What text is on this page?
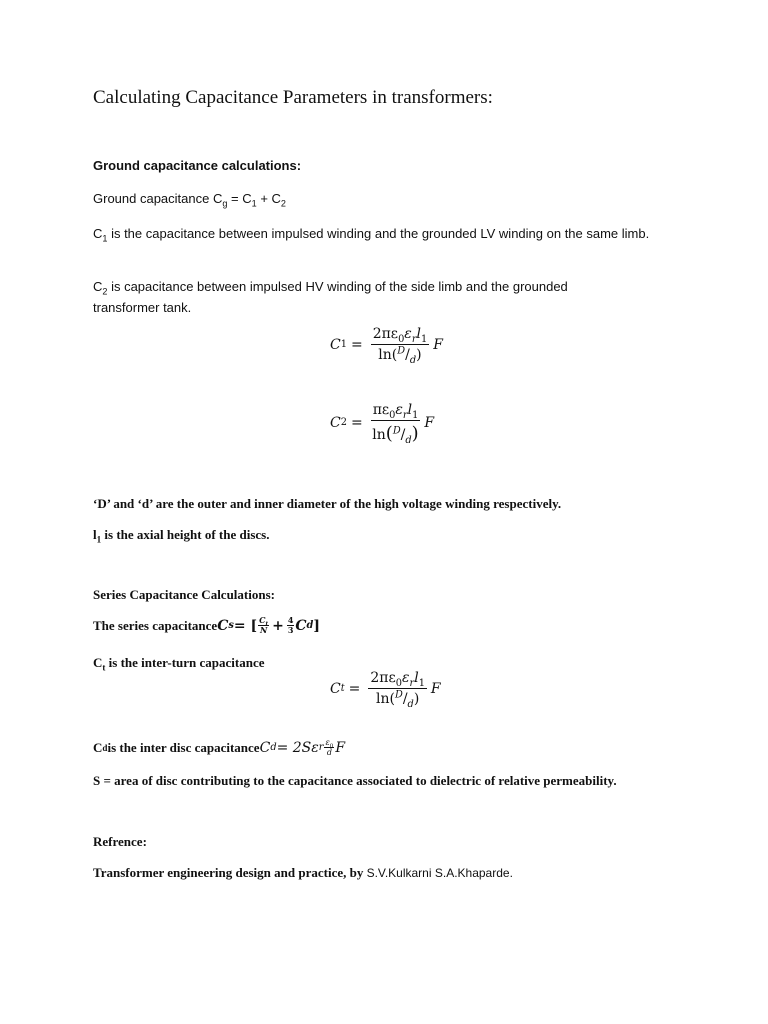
Calculating Capacitance Parameters in transformers:
Ground capacitance calculations:
Ground capacitance $C_g = C_1 + C_2$
$C_1$ is the capacitance between impulsed winding and the grounded LV winding on the same limb.
$C_2$ is capacitance between impulsed HV winding of the side limb and the grounded transformer tank.
C $1 = \frac{2\pi\varepsilon_0\varepsilon_rl_1}{\ln(^D/_d)}$ F
C $2 = \frac{\pi\varepsilon_0\varepsilon_rl_1}{\ln(^D/_d)}$ F
‘D’ and ‘d’ are the outer and inner diameter of the high voltage winding respectively.
$l_1$ is the axial height of the discs.
Series Capacitance Calculations:
The series capacitance C s = [ $\frac{C_t}{N} + \frac{4}{3}$ C d ]
$C_t$ is the inter-turn capacitance
C $t = \frac{2\pi\varepsilon_0\varepsilon_rl_1}{\ln(^D/_d)}$ F
C d is the inter disc capacitance C d = 2Sε r $\frac{\varepsilon_0}{d}$ F
S = area of disc contributing to the capacitance associated to dielectric of relative permeability.
Refrence:
Transformer engineering design and practice, by S.V.Kulkarni S.A.Khaparde.
